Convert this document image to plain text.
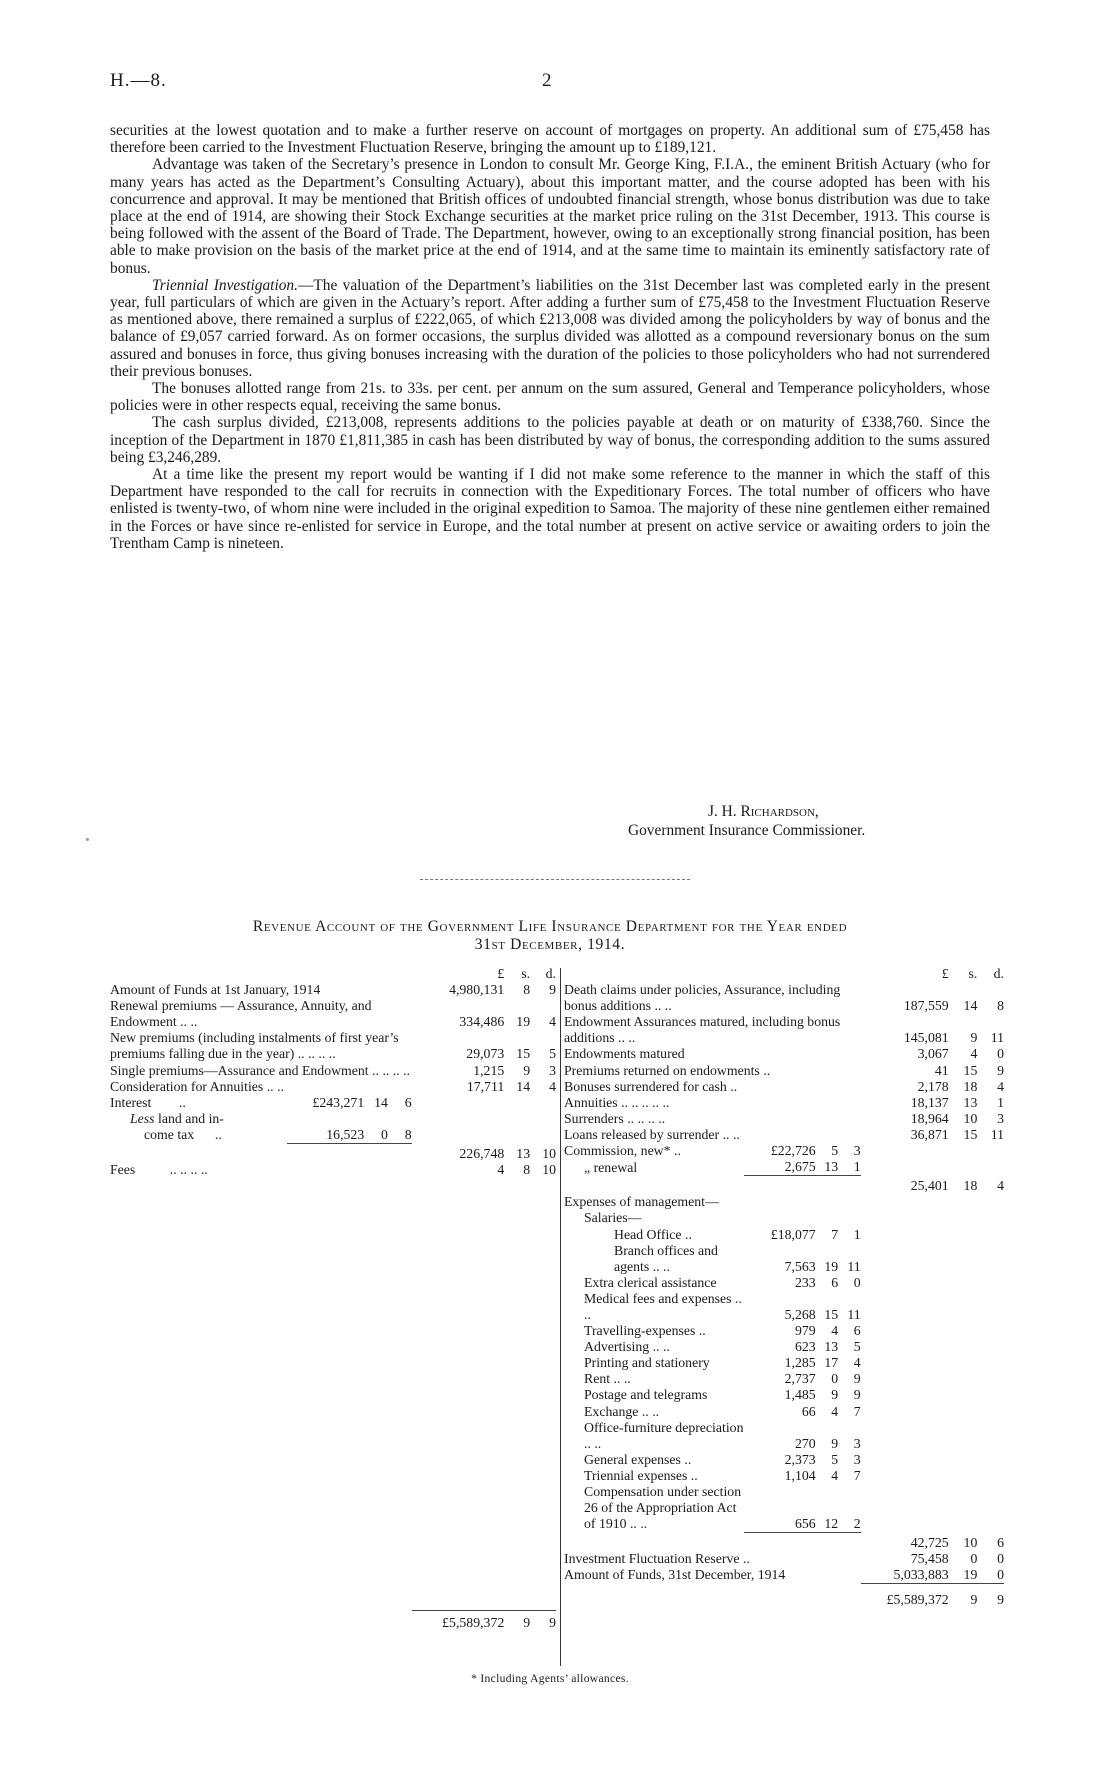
H.—8.	2

securities at the lowest quotation and to make a further reserve on account of mortgages on property. An additional sum of £75,458 has therefore been carried to the Investment Fluctuation Reserve, bringing the amount up to £189,121.

Advantage was taken of the Secretary’s presence in London to consult Mr. George King, F.I.A., the eminent British Actuary (who for many years has acted as the Department’s Consulting Actuary), about this important matter, and the course adopted has been with his concurrence and approval. It may be mentioned that British offices of undoubted financial strength, whose bonus distribution was due to take place at the end of 1914, are showing their Stock Exchange securities at the market price ruling on the 31st December, 1913. This course is being followed with the assent of the Board of Trade. The Department, however, owing to an exceptionally strong financial position, has been able to make provision on the basis of the market price at the end of 1914, and at the same time to maintain its eminently satisfactory rate of bonus.

Triennial Investigation.—The valuation of the Department’s liabilities on the 31st December last was completed early in the present year, full particulars of which are given in the Actuary’s report. After adding a further sum of £75,458 to the Investment Fluctuation Reserve as mentioned above, there remained a surplus of £222,065, of which £213,008 was divided among the policyholders by way of bonus and the balance of £9,057 carried forward. As on former occasions, the surplus divided was allotted as a compound reversionary bonus on the sum assured and bonuses in force, thus giving bonuses increasing with the duration of the policies to those policyholders who had not surrendered their previous bonuses.

The bonuses allotted range from 21s. to 33s. per cent. per annum on the sum assured, General and Temperance policyholders, whose policies were in other respects equal, receiving the same bonus.

The cash surplus divided, £213,008, represents additions to the policies payable at death or on maturity of £338,760. Since the inception of the Department in 1870 £1,811,385 in cash has been distributed by way of bonus, the corresponding addition to the sums assured being £3,246,289.

At a time like the present my report would be wanting if I did not make some reference to the manner in which the staff of this Department have responded to the call for recruits in connection with the Expeditionary Forces. The total number of officers who have enlisted is twenty-two, of whom nine were included in the original expedition to Samoa. The majority of these nine gentlemen either remained in the Forces or have since re-enlisted for service in Europe, and the total number at present on active service or awaiting orders to join the Trentham Camp is nineteen.

J. H. Richardson,
Government Insurance Commissioner.
Revenue Account of the Government Life Insurance Department for the Year ended
31st December, 1914.
				£	s.	d.
Amount of Funds at 1st January, 1914				4,980,131	8	9
Renewal premiums — Assurance, Annuity, and Endowment .. ..				334,486	19	4
New premiums (including instalments of first year’s premiums falling due in the year) .. .. .. ..				29,073	15	5
Single premiums—Assurance and Endowment .. .. .. ..				1,215	9	3
Consideration for Annuities .. ..				17,711	14	4
Interest ..	£243,271	14	6			
Less land and in-						
come tax ..	16,523	0	8			

				226,748	13	10
Fees .. .. .. ..				4	8	10

				£5,589,372	9	9
				£	s.	d.
Death claims under policies, Assurance, including bonus additions .. ..				187,559	14	8
Endowment Assurances matured, including bonus additions .. ..				145,081	9	11
Endowments matured				3,067	4	0
Premiums returned on endowments ..				41	15	9
Bonuses surrendered for cash ..				2,178	18	4
Annuities .. .. .. .. ..				18,137	13	1
Surrenders .. .. .. ..				18,964	10	3
Loans released by surrender .. ..				36,871	15	11
Commission, new* ..	£22,726	5	3			
„ renewal	2,675	13	1			

				25,401	18	4
Expenses of management—						
Salaries—						
Head Office ..	£18,077	7	1			
Branch offices and agents .. ..	7,563	19	11			
Extra clerical assistance	233	6	0			
Medical fees and expenses .. ..	5,268	15	11			
Travelling-expenses ..	979	4	6			
Advertising .. ..	623	13	5			
Printing and stationery	1,285	17	4			
Rent .. ..	2,737	0	9			
Postage and telegrams	1,485	9	9			
Exchange .. ..	66	4	7			
Office-furniture depreciation .. ..	270	9	3			
General expenses ..	2,373	5	3			
Triennial expenses ..	1,104	4	7			
Compensation under section 26 of the Appropriation Act of 1910 .. ..	656	12	2			

				42,725	10	6
Investment Fluctuation Reserve ..				75,458	0	0
Amount of Funds, 31st December, 1914				5,033,883	19	0

				£5,589,372	9	9
* Including Agents’ allowances.
